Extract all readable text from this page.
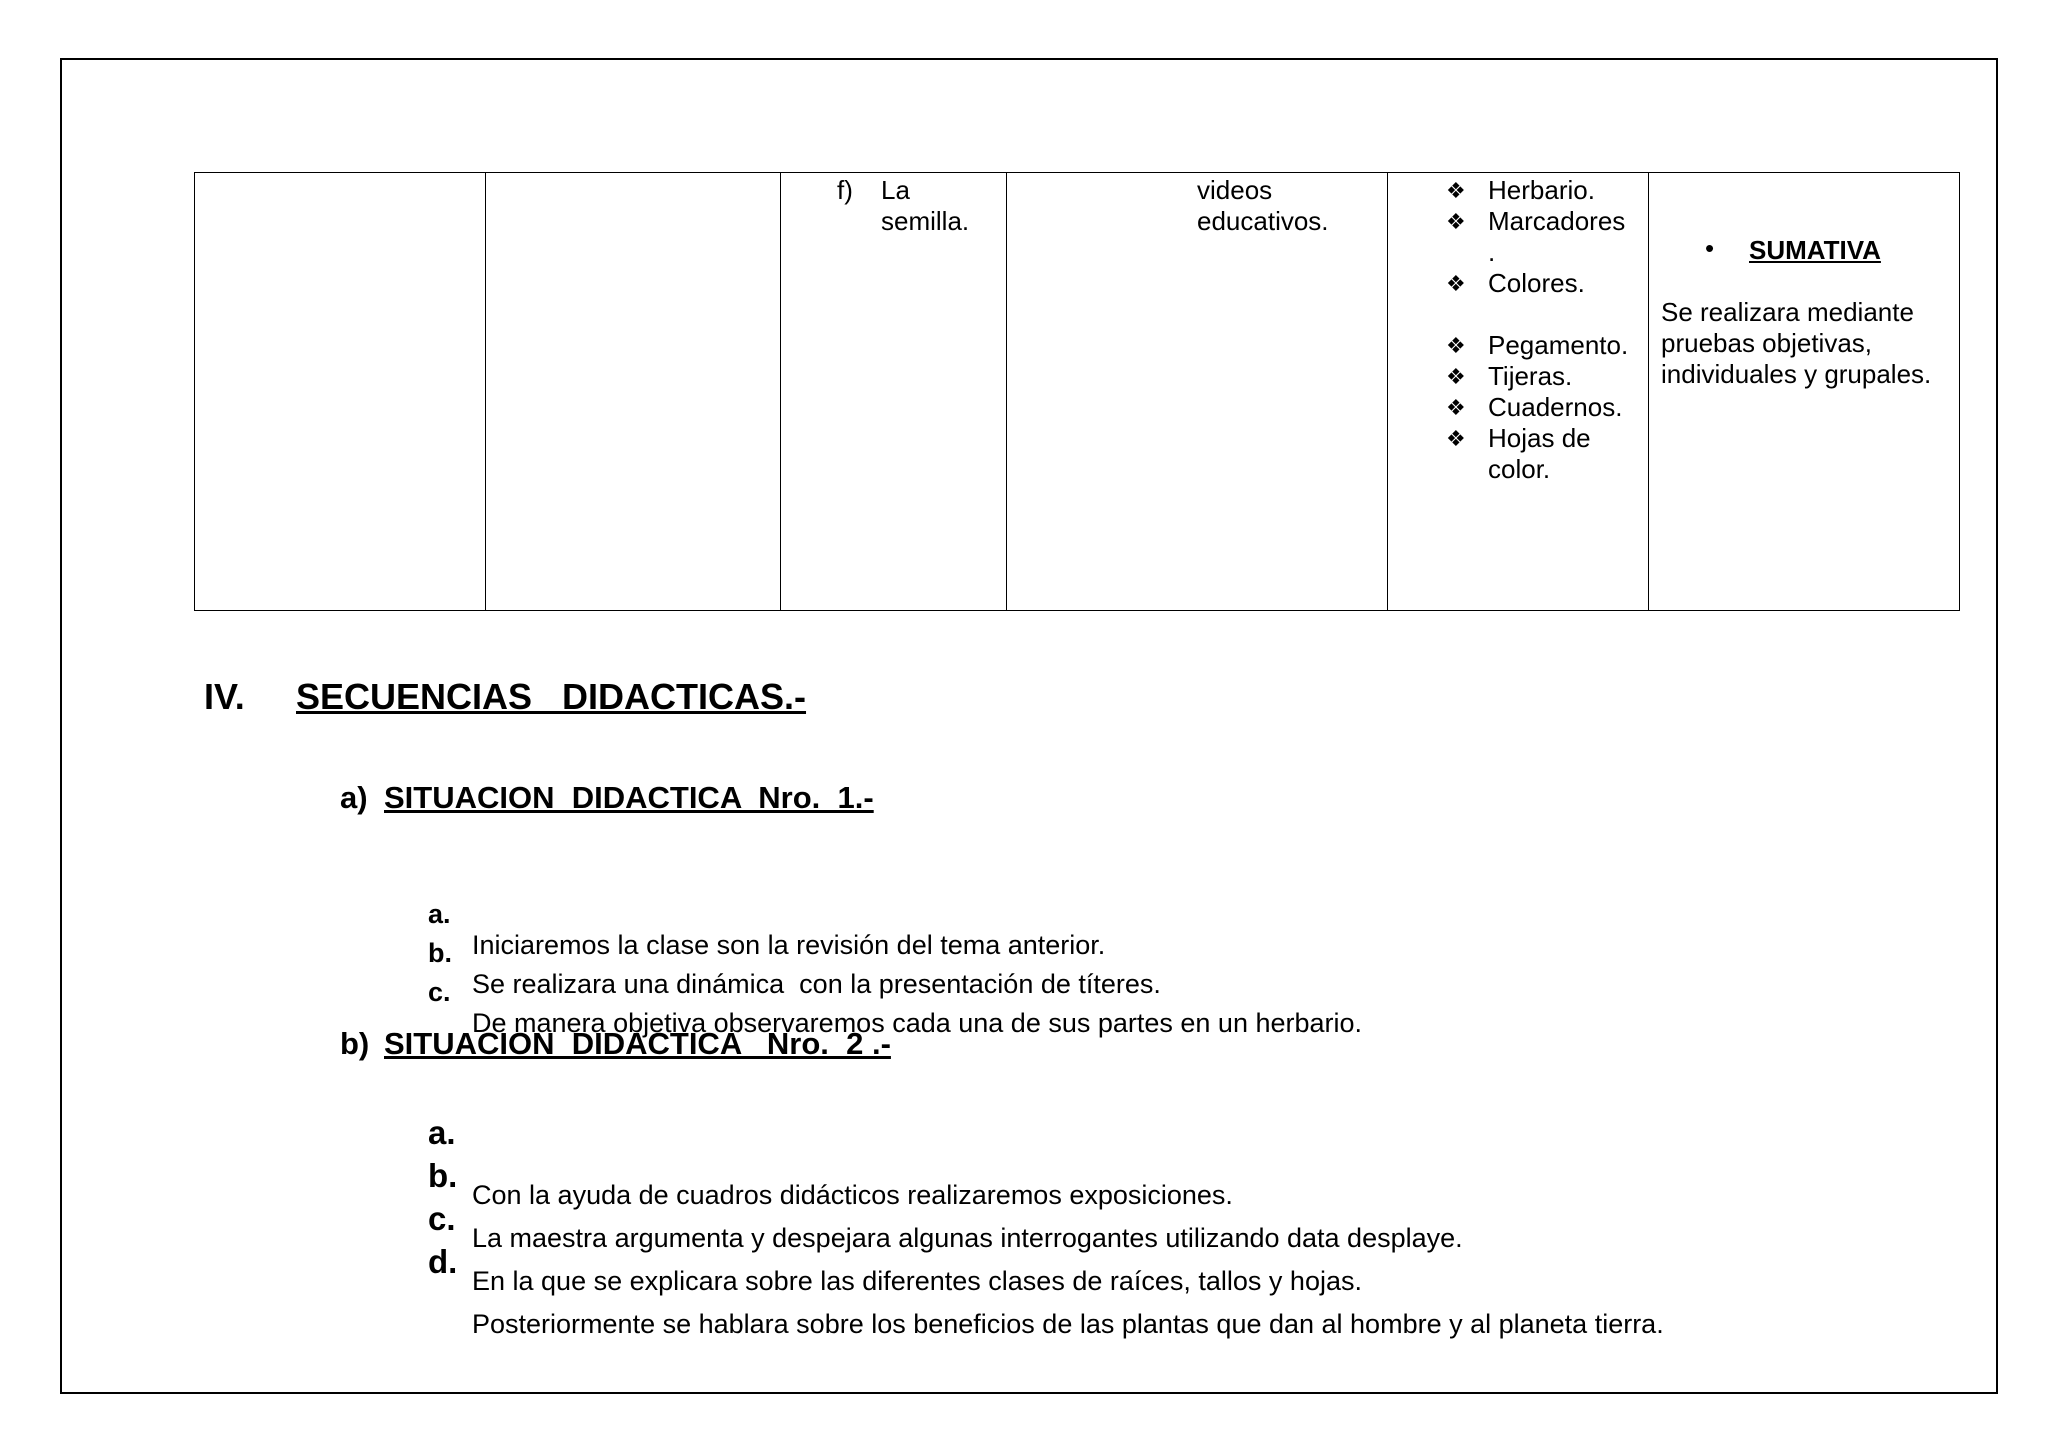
f) La
semilla.
videos
educativos.
❖ Herbario.
❖ Marcadores
.
❖ Colores.
❖ Pegamento.
❖ Tijeras.
❖ Cuadernos.
❖ Hojas de
color.
• SUMATIVA
Se realizara mediante
pruebas objetivas,
individuales y grupales.
IV. SECUENCIAS   DIDACTICAS.-
a) SITUACION  DIDACTICA  Nro.  1.-

a.

Iniciaremos la clase son la revisión del tema anterior.

b.

Se realizara una dinámica  con la presentación de títeres.

c.

De manera objetiva observaremos cada una de sus partes en un herbario.

b) SITUACION  DIDACTICA   Nro.  2 .-

a.

Con la ayuda de cuadros didácticos realizaremos exposiciones.

b.

La maestra argumenta y despejara algunas interrogantes utilizando data desplaye.

c.

En la que se explicara sobre las diferentes clases de raíces, tallos y hojas.

d.

Posteriormente se hablara sobre los beneficios de las plantas que dan al hombre y al planeta tierra.
